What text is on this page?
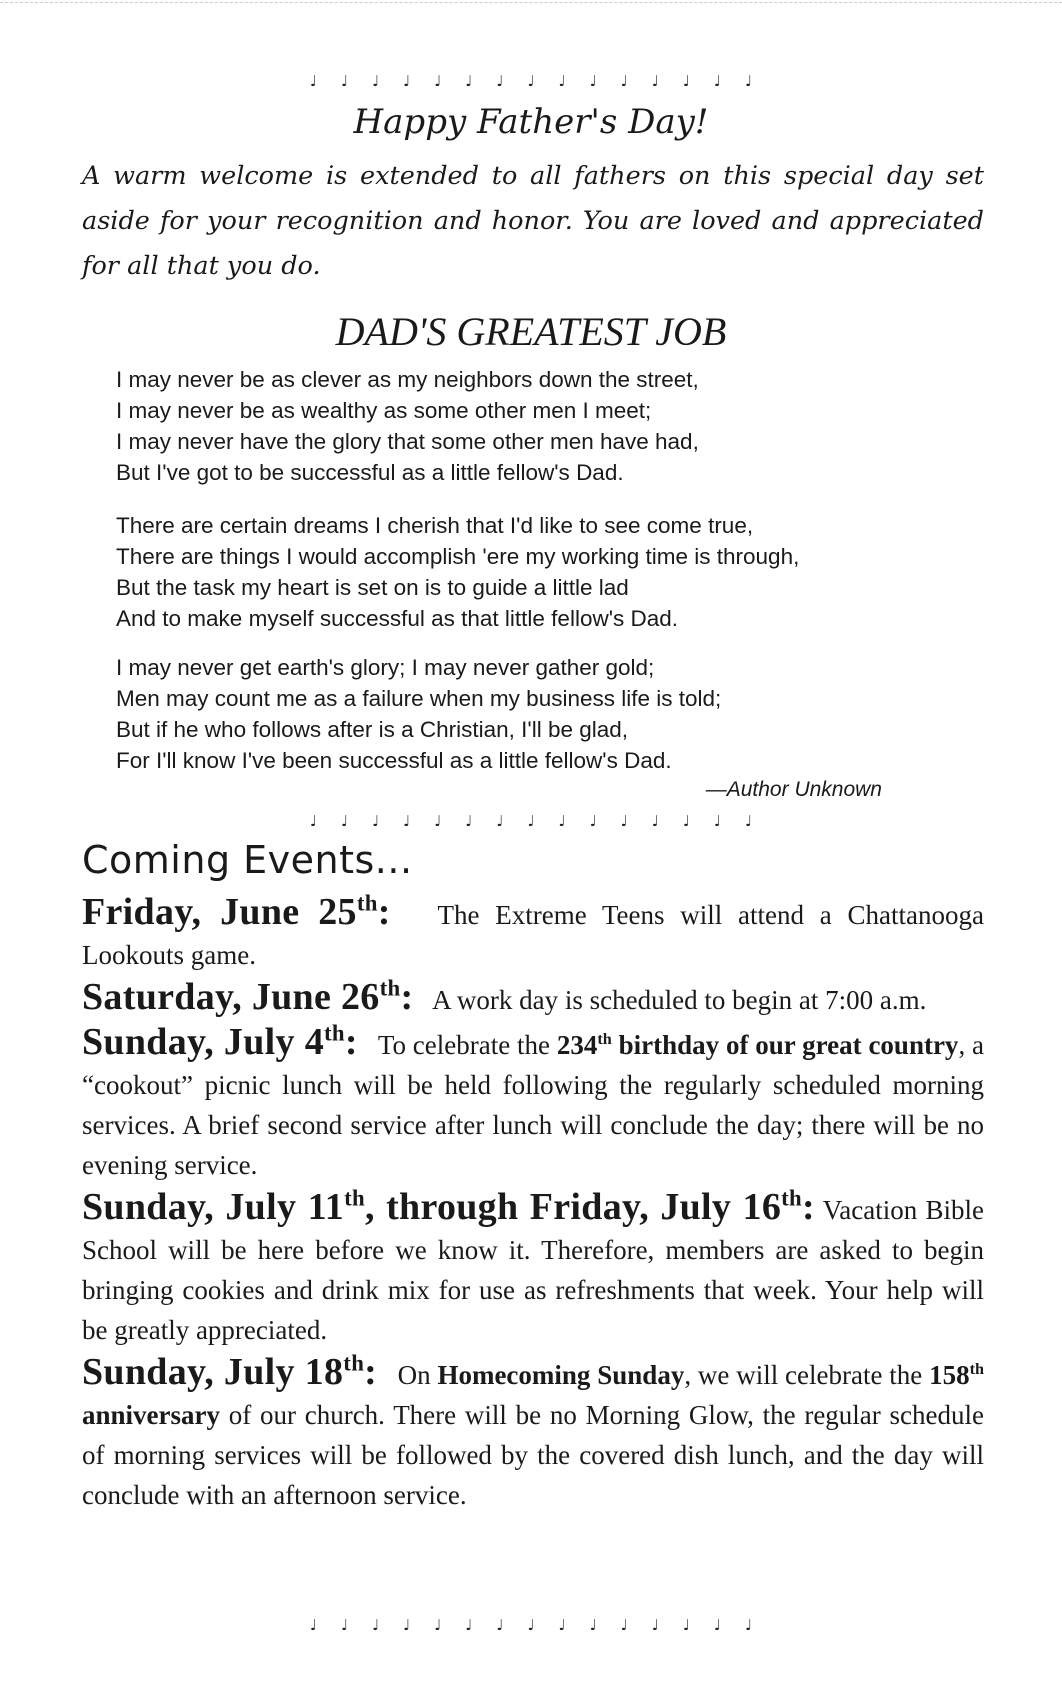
♩♩♩♩♩♩♩♩♩♩♩♩♩♩♩
Happy Father's Day!
A warm welcome is extended to all fathers on this special day set aside for your recognition and honor. You are loved and appreciated for all that you do.
DAD'S GREATEST JOB
I may never be as clever as my neighbors down the street,
I may never be as wealthy as some other men I meet;
I may never have the glory that some other men have had,
But I've got to be successful as a little fellow's Dad.
There are certain dreams I cherish that I'd like to see come true,
There are things I would accomplish 'ere my working time is through,
But the task my heart is set on is to guide a little lad
And to make myself successful as that little fellow's Dad.
I may never get earth's glory; I may never gather gold;
Men may count me as a failure when my business life is told;
But if he who follows after is a Christian, I'll be glad,
For I'll know I've been successful as a little fellow's Dad.
—Author Unknown
♩♩♩♩♩♩♩♩♩♩♩♩♩♩♩
Coming Events...

Friday, June 25th: The Extreme Teens will attend a Chattanooga Lookouts game.

Saturday, June 26th: A work day is scheduled to begin at 7:00 a.m.

Sunday, July 4th: To celebrate the 234th birthday of our great country, a “cookout” picnic lunch will be held following the regularly scheduled morning services. A brief second service after lunch will conclude the day; there will be no evening service.

Sunday, July 11th, through Friday, July 16th: Vacation Bible School will be here before we know it. Therefore, members are asked to begin bringing cookies and drink mix for use as refreshments that week. Your help will be greatly appreciated.

Sunday, July 18th: On Homecoming Sunday, we will celebrate the 158th anniversary of our church. There will be no Morning Glow, the regular schedule of morning services will be followed by the covered dish lunch, and the day will conclude with an afternoon service.

♩♩♩♩♩♩♩♩♩♩♩♩♩♩♩
